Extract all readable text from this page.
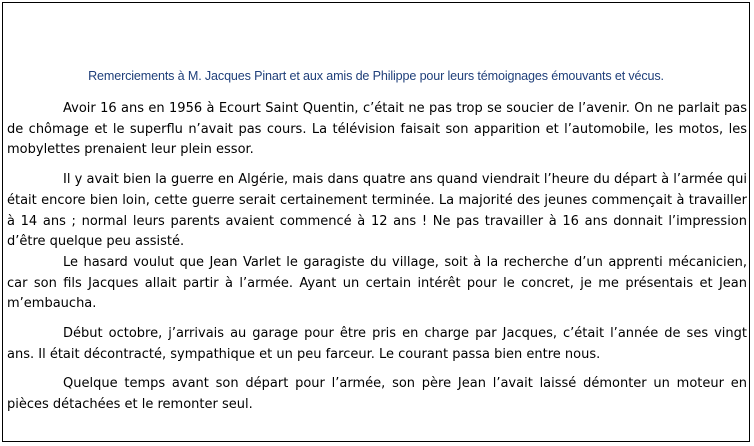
Remerciements à M. Jacques Pinart et aux amis de Philippe pour leurs témoignages émouvants et vécus.

Avoir 16 ans en 1956 à Ecourt Saint Quentin, c’était ne pas trop se soucier de l’avenir. On ne parlait pas de chômage et le superflu n’avait pas cours. La télévision faisait son apparition et l’automobile, les motos, les mobylettes prenaient leur plein essor.

Il y avait bien la guerre en Algérie, mais dans quatre ans quand viendrait l’heure du départ à l’armée qui était encore bien loin, cette guerre serait certainement terminée. La majorité des jeunes commençait à travailler à 14 ans ; normal leurs parents avaient commencé à 12 ans ! Ne pas travailler à 16 ans donnait l’impression d’être quelque peu assisté.

Le hasard voulut que Jean Varlet le garagiste du village, soit à la recherche d’un apprenti mécanicien, car son fils Jacques allait partir à l’armée. Ayant un certain intérêt pour le concret, je me présentais et Jean m’embaucha.

Début octobre, j’arrivais au garage pour être pris en charge par Jacques, c’était l’année de ses vingt ans. Il était décontracté, sympathique et un peu farceur. Le courant passa bien entre nous.

Quelque temps avant son départ pour l’armée, son père Jean l’avait laissé démonter un moteur en pièces détachées et le remonter seul.
